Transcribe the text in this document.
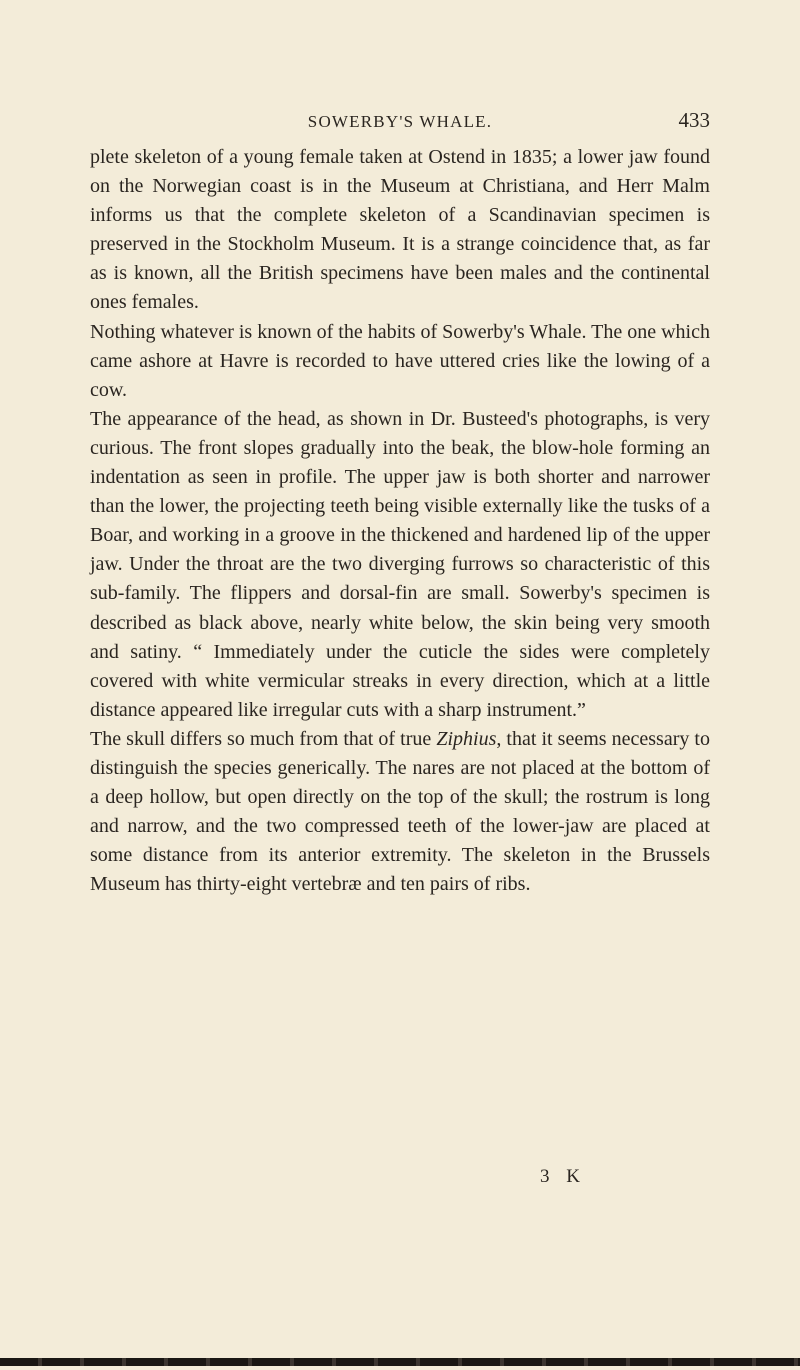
SOWERBY'S WHALE.	433

plete skeleton of a young female taken at Ostend in 1835; a lower jaw found on the Norwegian coast is in the Museum at Christiana, and Herr Malm informs us that the complete skeleton of a Scandinavian specimen is preserved in the Stockholm Museum. It is a strange coincidence that, as far as is known, all the British specimens have been males and the continental ones females.

Nothing whatever is known of the habits of Sowerby's Whale. The one which came ashore at Havre is recorded to have uttered cries like the lowing of a cow.

The appearance of the head, as shown in Dr. Busteed's photographs, is very curious. The front slopes gradually into the beak, the blow-hole forming an indentation as seen in profile. The upper jaw is both shorter and narrower than the lower, the projecting teeth being visible externally like the tusks of a Boar, and working in a groove in the thickened and hardened lip of the upper jaw. Under the throat are the two diverging furrows so characteristic of this sub-family. The flippers and dorsal-fin are small. Sowerby's specimen is described as black above, nearly white below, the skin being very smooth and satiny. “ Immediately under the cuticle the sides were completely covered with white vermicular streaks in every direction, which at a little distance appeared like irregular cuts with a sharp instrument.”

The skull differs so much from that of true Ziphius, that it seems necessary to distinguish the species generically. The nares are not placed at the bottom of a deep hollow, but open directly on the top of the skull; the rostrum is long and narrow, and the two compressed teeth of the lower-jaw are placed at some distance from its anterior extremity. The skeleton in the Brussels Museum has thirty-eight vertebræ and ten pairs of ribs.

3 K
